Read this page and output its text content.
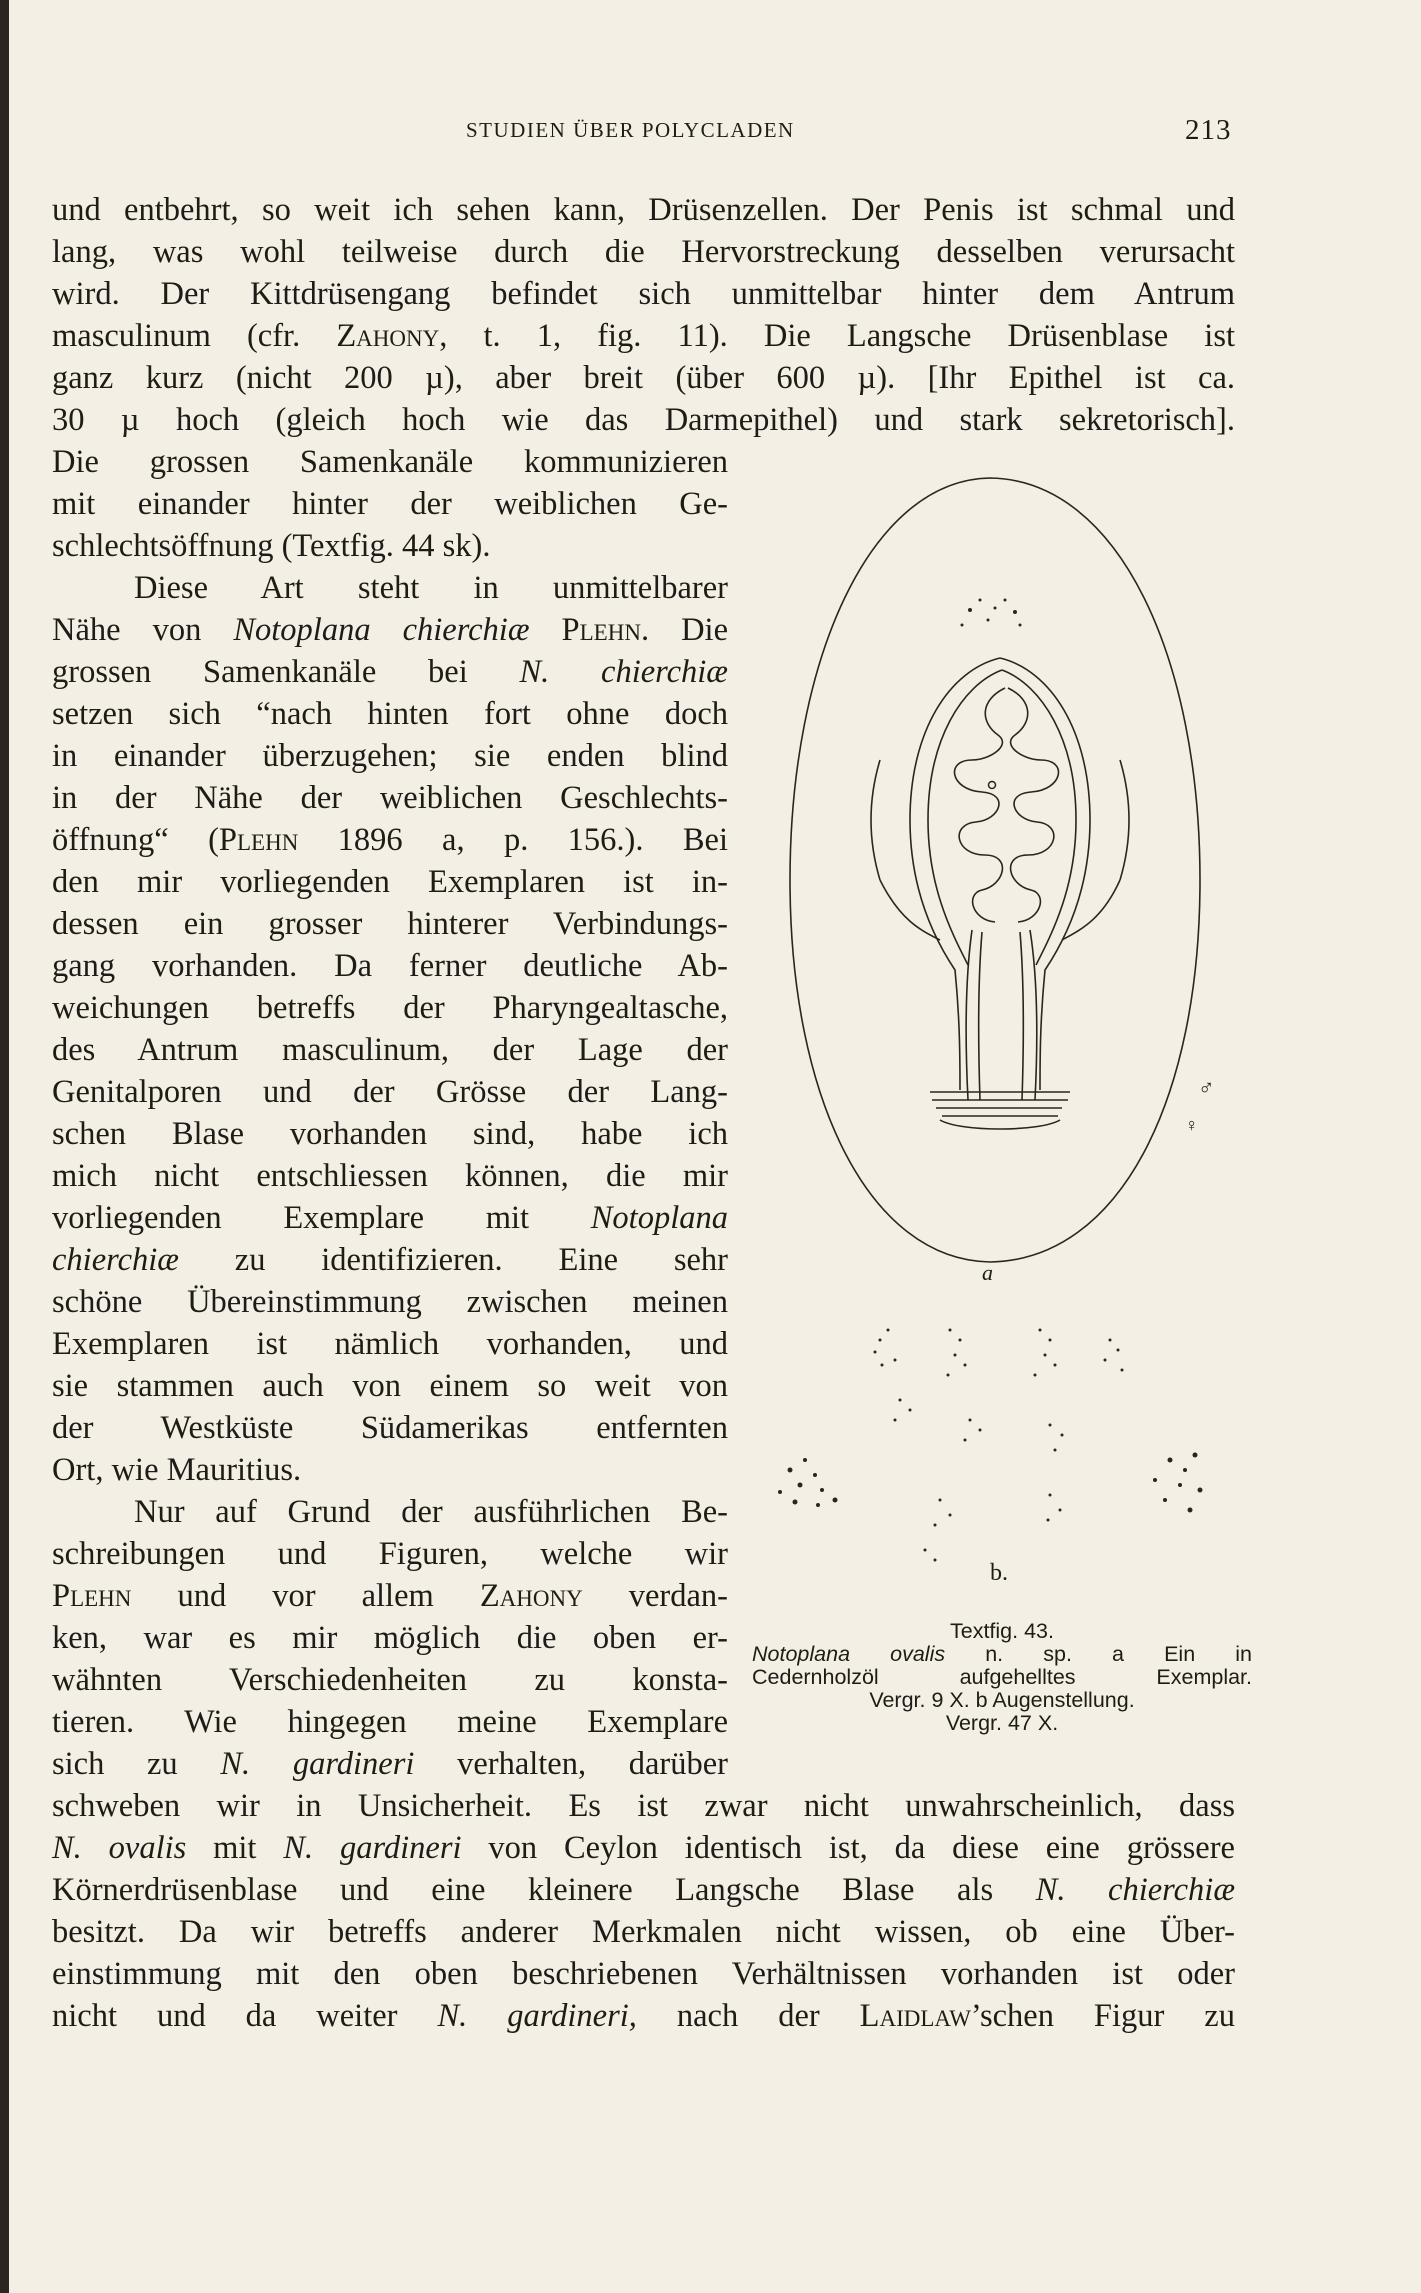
STUDIEN ÜBER POLYCLADEN	213
und entbehrt, so weit ich sehen kann, Drüsenzellen. Der Penis ist schmal und
lang, was wohl teilweise durch die Hervorstreckung desselben verursacht
wird. Der Kittdrüsengang befindet sich unmittelbar hinter dem Antrum
masculinum (cfr. Zahony, t. 1, fig. 11). Die Langsche Drüsenblase ist
ganz kurz (nicht 200 µ), aber breit (über 600 µ). [Ihr Epithel ist ca.
30 µ hoch (gleich hoch wie das Darmepithel) und stark sekretorisch].
Die grossen Samenkanäle kommunizieren
mit einander hinter der weiblichen Ge-
schlechtsöffnung (Textfig. 44 sk).
Diese Art steht in unmittelbarer
Nähe von Notoplana chierchiæ Plehn. Die
grossen Samenkanäle bei N. chierchiæ
setzen sich “nach hinten fort ohne doch
in einander überzugehen; sie enden blind
in der Nähe der weiblichen Geschlechts-
öffnung“ (Plehn 1896 a, p. 156.). Bei
den mir vorliegenden Exemplaren ist in-
dessen ein grosser hinterer Verbindungs-
gang vorhanden. Da ferner deutliche Ab-
weichungen betreffs der Pharyngealtasche,
des Antrum masculinum, der Lage der
Genitalporen und der Grösse der Lang-
schen Blase vorhanden sind, habe ich
mich nicht entschliessen können, die mir
vorliegenden Exemplare mit Notoplana
chierchiæ zu identifizieren. Eine sehr
schöne Übereinstimmung zwischen meinen
Exemplaren ist nämlich vorhanden, und
sie stammen auch von einem so weit von
der Westküste Südamerikas entfernten
Ort, wie Mauritius.
Nur auf Grund der ausführlichen Be-
schreibungen und Figuren, welche wir
Plehn und vor allem Zahony verdan-
ken, war es mir möglich die oben er-
wähnten Verschiedenheiten zu konsta-
tieren. Wie hingegen meine Exemplare
sich zu N. gardineri verhalten, darüber
schweben wir in Unsicherheit. Es ist zwar nicht unwahrscheinlich, dass
N. ovalis mit N. gardineri von Ceylon identisch ist, da diese eine grössere
Körnerdrüsenblase und eine kleinere Langsche Blase als N. chierchiæ
besitzt. Da wir betreffs anderer Merkmalen nicht wissen, ob eine Über-
einstimmung mit den oben beschriebenen Verhältnissen vorhanden ist oder
nicht und da weiter N. gardineri, nach der Laidlaw’schen Figur zu
a
b.
♂
♀
Textfig. 43.
Notoplana ovalis n. sp. a Ein in
Cedernholzöl aufgehelltes Exemplar.
Vergr. 9 X. b Augenstellung.
Vergr. 47 X.
